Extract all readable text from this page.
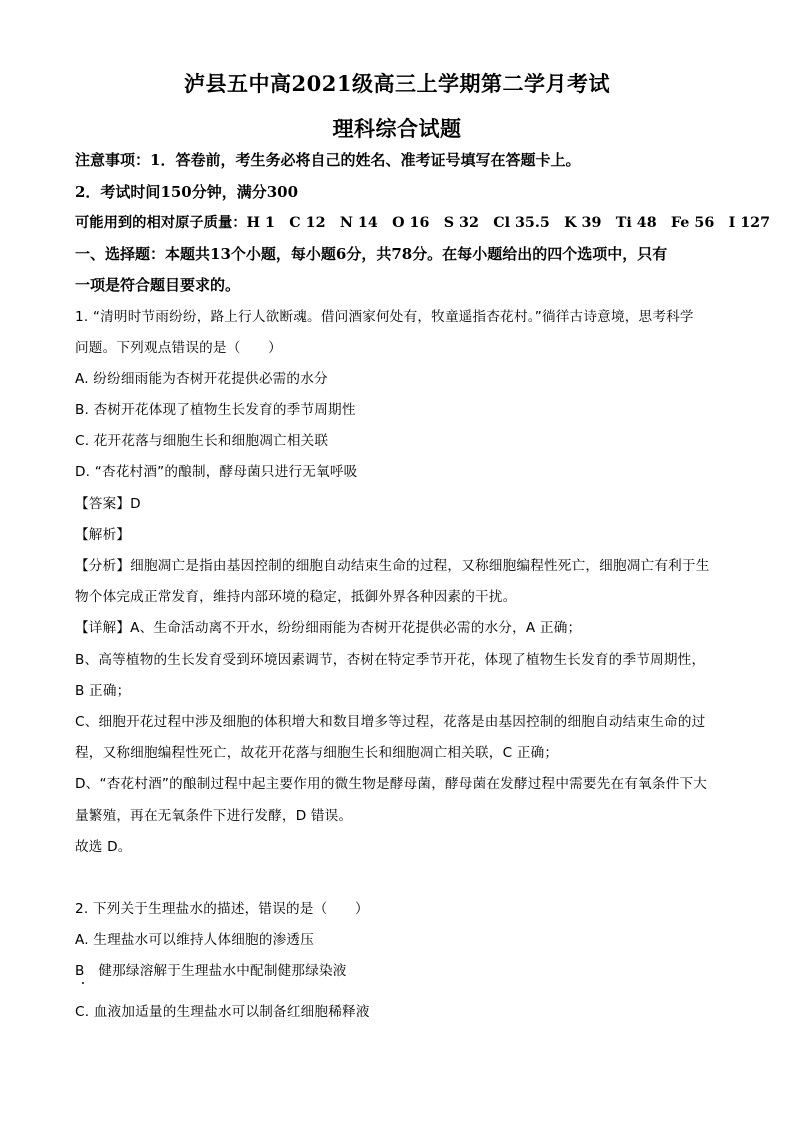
泸县五中高2021级高三上学期第二学月考试
理科综合试题
注意事项：1．答卷前，考生务必将自己的姓名、准考证号填写在答题卡上。
2．考试时间150分钟，满分300
可能用到的相对原子质量：H 1　C 12　N 14　O 16　S 32　Cl 35.5　K 39　Ti 48　Fe 56　I 127
一、选择题：本题共13个小题，每小题6分，共78分。在每小题给出的四个选项中，只有
一项是符合题目要求的。
1. “清明时节雨纷纷，路上行人欲断魂。借问酒家何处有，牧童遥指杏花村。”徜徉古诗意境，思考科学
问题。下列观点错误的是（　　）
A. 纷纷细雨能为杏树开花提供必需的水分
B. 杏树开花体现了植物生长发育的季节周期性
C. 花开花落与细胞生长和细胞凋亡相关联
D. “杏花村酒”的酿制，酵母菌只进行无氧呼吸
【答案】D
【解析】
【分析】细胞凋亡是指由基因控制的细胞自动结束生命的过程，又称细胞编程性死亡，细胞凋亡有利于生
物个体完成正常发育，维持内部环境的稳定，抵御外界各种因素的干扰。
【详解】A、生命活动离不开水，纷纷细雨能为杏树开花提供必需的水分，A 正确；
B、高等植物的生长发育受到环境因素调节，杏树在特定季节开花，体现了植物生长发育的季节周期性，
B 正确；
C、细胞开花过程中涉及细胞的体积增大和数目增多等过程，花落是由基因控制的细胞自动结束生命的过
程，又称细胞编程性死亡，故花开花落与细胞生长和细胞凋亡相关联，C 正确；
D、“杏花村酒”的酿制过程中起主要作用的微生物是酵母菌，酵母菌在发酵过程中需要先在有氧条件下大
量繁殖，再在无氧条件下进行发酵，D 错误。
故选 D。
2. 下列关于生理盐水的描述，错误的是（　　）
A. 生理盐水可以维持人体细胞的渗透压
B　健那绿溶解于生理盐水中配制健那绿染液
C. 血液加适量的生理盐水可以制备红细胞稀释液
